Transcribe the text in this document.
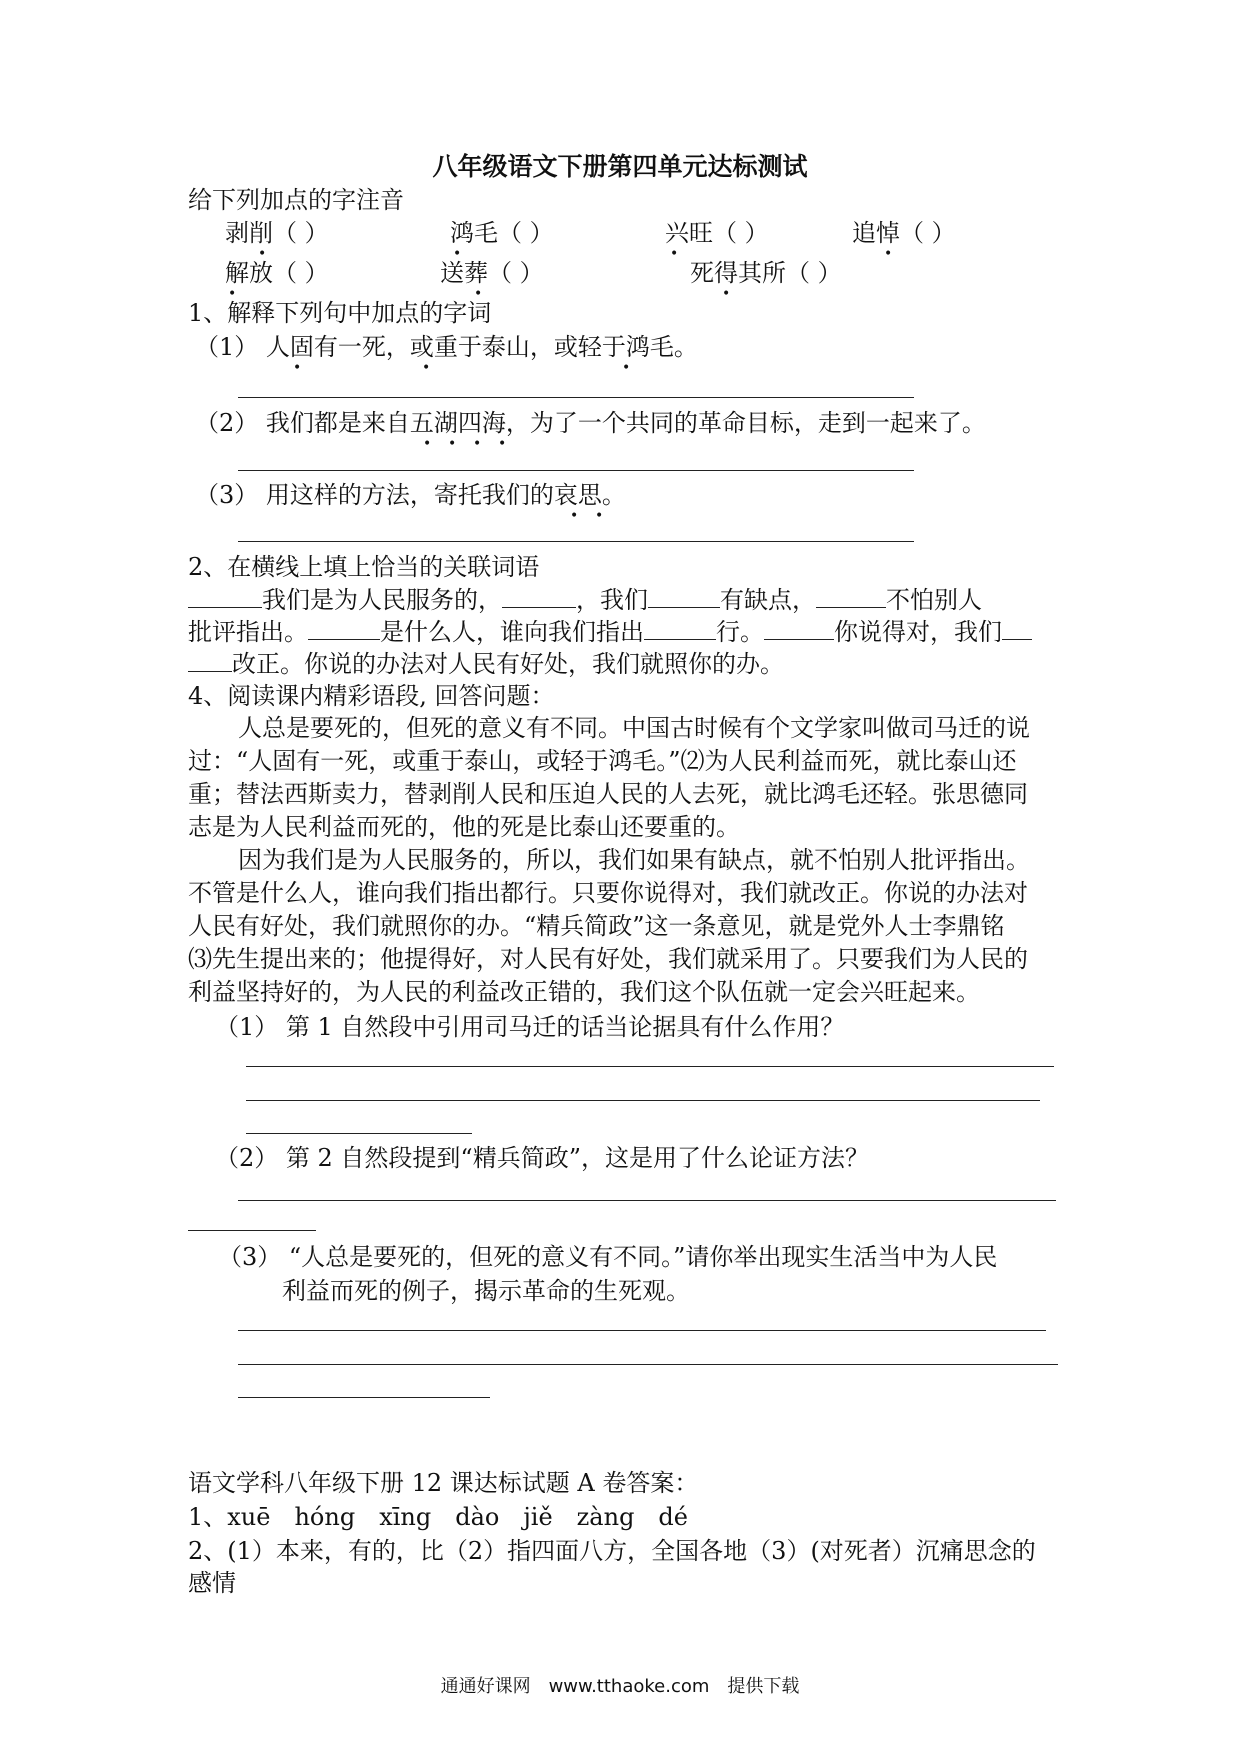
八年级语文下册第四单元达标测试
给下列加点的字注音
剥削（ ）	鸿毛（ ）	兴旺（ ）	追悼（ ）
解放（ ）	送葬（ ）	死得其所（ ）
•	•	•	•
•	•	•
1、解释下列句中加点的字词
（1） 人固有一死，或重于泰山，或轻于鸿毛。
•	•	•
（2） 我们都是来自五湖四海，为了一个共同的革命目标，走到一起来了。
• • • •
（3） 用这样的方法，寄托我们的哀思。
• •
2、在横线上填上恰当的关联词语
我们是为人民服务的，	，我们	有缺点，	不怕别人
批评指出。	是什么人，谁向我们指出	行。	你说得对，我们
改正。你说的办法对人民有好处，我们就照你的办。
4、阅读课内精彩语段, 回答问题：
人总是要死的，但死的意义有不同。中国古时候有个文学家叫做司马迁的说
过：“人固有一死，或重于泰山，或轻于鸿毛。”⑵为人民利益而死，就比泰山还
重；替法西斯卖力，替剥削人民和压迫人民的人去死，就比鸿毛还轻。张思德同
志是为人民利益而死的，他的死是比泰山还要重的。
因为我们是为人民服务的，所以，我们如果有缺点，就不怕别人批评指出。
不管是什么人，谁向我们指出都行。只要你说得对，我们就改正。你说的办法对
人民有好处，我们就照你的办。“精兵简政”这一条意见，就是党外人士李鼎铭
⑶先生提出来的；他提得好，对人民有好处，我们就采用了。只要我们为人民的
利益坚持好的，为人民的利益改正错的，我们这个队伍就一定会兴旺起来。
（1） 第 1 自然段中引用司马迁的话当论据具有什么作用？
（2） 第 2 自然段提到“精兵简政”，这是用了什么论证方法？
（3） “人总是要死的，但死的意义有不同。”请你举出现实生活当中为人民
利益而死的例子，揭示革命的生死观。
语文学科八年级下册 12 课达标试题 A 卷答案：
1、xuē　hóng　xīng　dào　jiě　zàng　dé
2、(1）本来，有的，比（2）指四面八方，全国各地（3）(对死者）沉痛思念的
感情
通通好课网　www.tthaoke.com　提供下载
